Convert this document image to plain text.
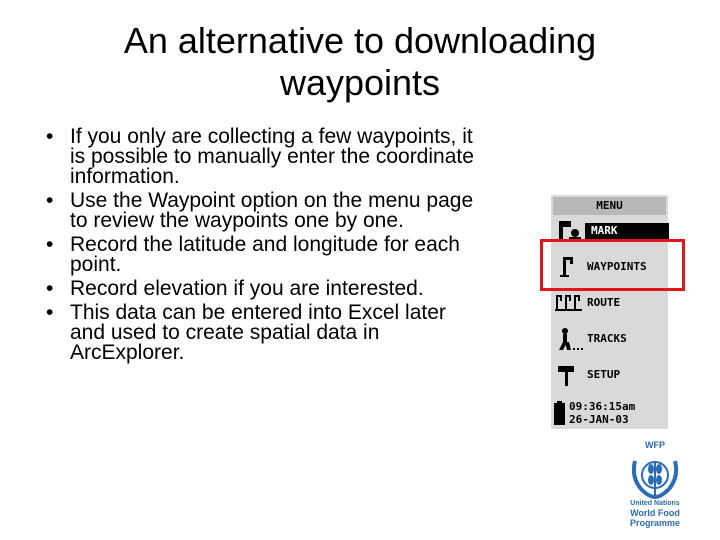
An alternative to downloading waypoints
• If you only are collecting a few waypoints, it is possible to manually enter the coordinate information.
• Use the Waypoint option on the menu page to review the waypoints one by one.
• Record the latitude and longitude for each point.
• Record elevation if you are interested.
• This data can be entered into Excel later and used to create spatial data in ArcExplorer.
MENU
MARK
WAYPOINTS
ROUTE
TRACKS
SETUP
09:36:15am
26-JAN-03
WFP
United Nations
World Food
Programme
